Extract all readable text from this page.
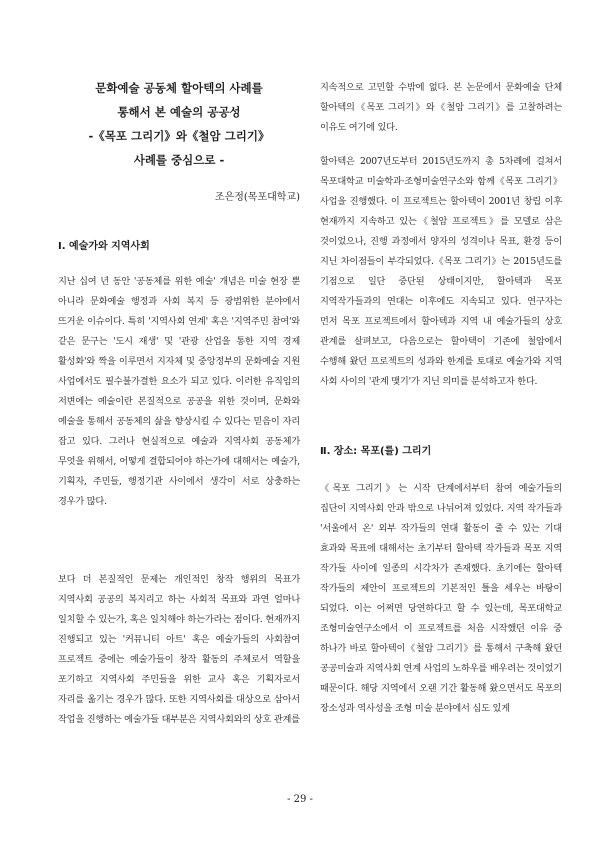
문화예술 공동체 할아텍의 사례를
통해서 본 예술의 공공성
-《목포 그리기》와《철암 그리기》
사례를 중심으로 -

조은정(목포대학교)

Ⅰ. 예술가와 지역사회

지난 십여 년 동안 '공동체를 위한 예술' 개념은 미술 현장 뿐 아니라 문화예술 행정과 사회 복지 등 광범위한 분야에서 뜨거운 이슈이다. 특히 '지역사회 연계' 혹은 '지역주민 참여'와 같은 문구는 '도시 재생' 및 '관광 산업을 통한 지역 경제 활성화'와 짝을 이루면서 지자체 및 중앙정부의 문화예술 지원 사업에서도 필수불가결한 요소가 되고 있다. 이러한 유직임의 저변에는 예술이란 본질적으로 공공을 위한 것이며, 문화와 예술을 통해서 공동체의 삶을 향상시킬 수 있다는 믿음이 자리 잡고 있다. 그러나 현실적으로 예술과 지역사회 공동체가 무엇을 위해서, 어떻게 결합되어야 하는가에 대해서는 예술가, 기획자, 주민들, 행정기관 사이에서 생각이 서로 상충하는 경우가 많다.

보다 더 본질적인 문제는 개인적인 창작 행위의 목표가 지역사회 공공의 복지리고 하는 사회적 목표와 과연 얼마나 일치할 수 있는가, 혹은 일치해야 하는가라는 점이다. 현재까지 진행되고 있는 '커뮤니티 아트' 혹은 예술가들의 사회참여 프로젝트 중에는 예술가들이 창작 활동의 주체로서 역할을 포기하고 지역사회 주민들을 위한 교사 혹은 기획자로서 자리를 옮기는 경우가 많다. 또한 지역사회를 대상으로 삼아서 작업을 진행하는 예술가들 대부분은 지역사회와의 상호 관계를

지속적으로 고민할 수밖에 없다. 본 논문에서 문화예술 단체 할아텍의《목포 그리기》와《철암 그리기》를 고찰하려는 이유도 여기에 있다.

할아텍은 2007년도부터 2015년도까지 총 5차례에 걸쳐서 목포대학교 미술학과·조형미술연구소와 함께《목포 그리기》사업을 진행했다. 이 프로젝트는 할아텍이 2001년 창립 이후 현재까지 지속하고 있는《철암 프로젝트》를 모델로 삼은 것이었으나, 진행 과정에서 양자의 성격이나 목표, 환경 등이 지닌 차이점들이 부각되었다.《목포 그리기》는 2015년도를 기점으로 일단 중단된 상태이지만, 할아텍과 목포 지역작가들과의 연대는 이후에도 지속되고 있다. 연구자는 먼저 목포 프로젝트에서 할아텍과 지역 내 예술가들의 상호 관계를 살펴보고, 다음으로는 할아텍이 기존에 철암에서 수행해 왔던 프로젝트의 성과와 한계를 토대로 예술가와 지역 사회 사이의 '관계 맺기'가 지닌 의미를 분석하고자 한다.

Ⅱ. 장소: 목포(를) 그리기

《목포 그리기》는 시작 단계에서부터 참여 예술가들의 집단이 지역사회 안과 밖으로 나뉘어져 있었다. 지역 작가들과 '서울에서 온' 외부 작가들의 연대 활동이 줄 수 있는 기대 효과와 목표에 대해서는 초기부터 할아텍 작가들과 목포 지역 작가들 사이에 일종의 시각차가 존재했다. 초기에는 할아텍 작가들의 제안이 프로젝트의 기본적인 틀을 세우는 바탕이 되었다. 이는 어쩌면 당연하다고 할 수 있는데, 목포대학교 조형미술연구소에서 이 프로젝트를 처음 시작했던 이유 중 하나가 바로 할아텍이《철암 그리기》를 통해서 구축해 왔던 공공미술과 지역사회 연계 사업의 노하우를 배우려는 것이었기 때문이다. 해당 지역에서 오랜 기간 활동해 왔으면서도 목포의 장소성과 역사성을 조형 미술 분야에서 심도 있게

- 29 -
